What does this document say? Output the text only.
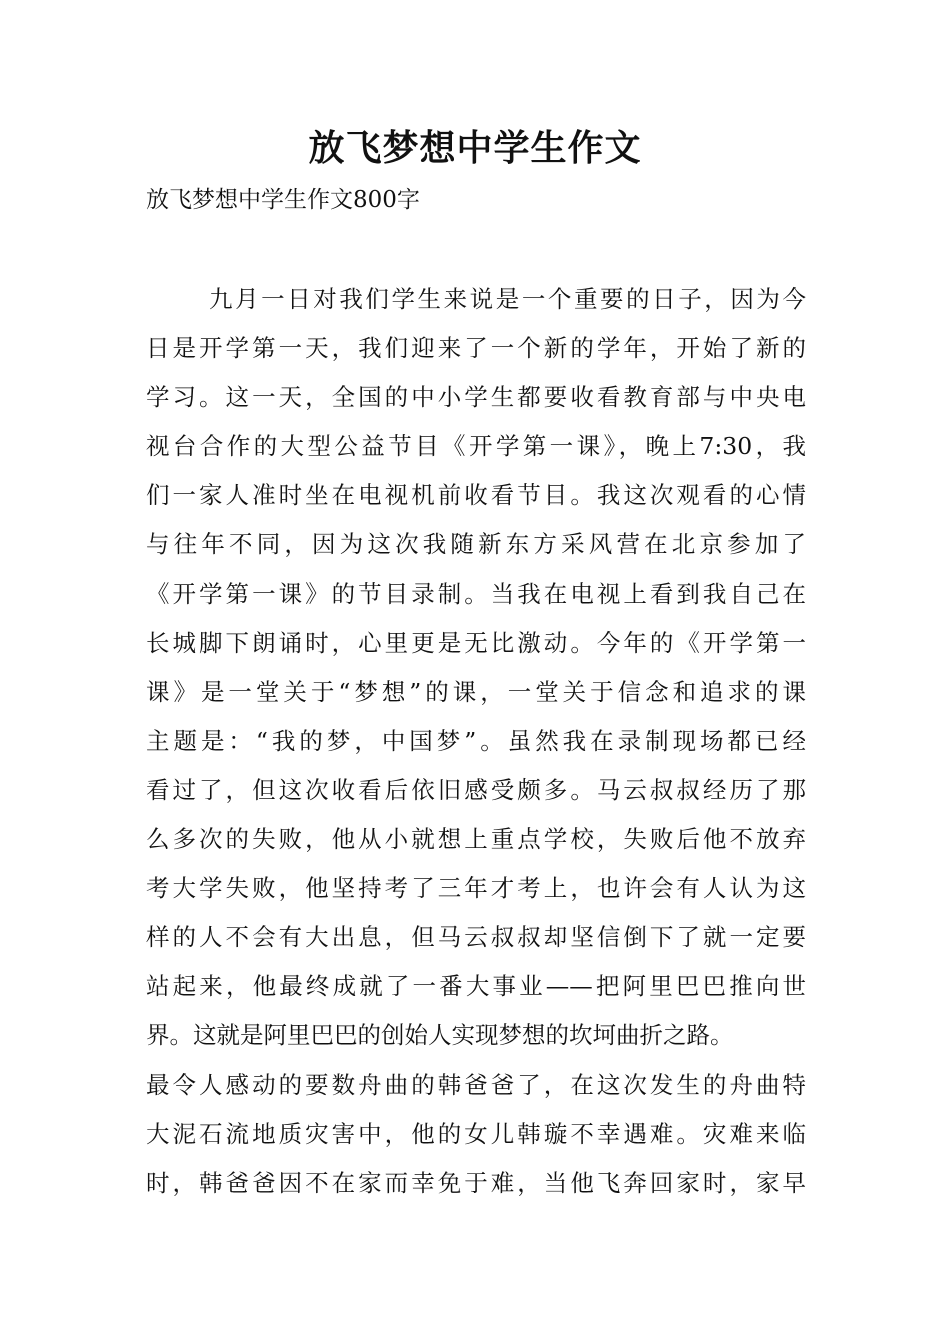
放飞梦想中学生作文
放飞梦想中学生作文800字
九月一日对我们学生来说是一个重要的日子，因为今
日是开学第一天，我们迎来了一个新的学年，开始了新的
学习。这一天，全国的中小学生都要收看教育部与中央电
视台合作的大型公益节目《开学第一课》，晚上7:30，我
们一家人准时坐在电视机前收看节目。我这次观看的心情
与往年不同，因为这次我随新东方采风营在北京参加了
《开学第一课》的节目录制。当我在电视上看到我自己在
长城脚下朗诵时，心里更是无比激动。今年的《开学第一
课》是一堂关于“梦想”的课，一堂关于信念和追求的课
主题是：“我的梦，中国梦”。虽然我在录制现场都已经
看过了，但这次收看后依旧感受颇多。马云叔叔经历了那
么多次的失败，他从小就想上重点学校，失败后他不放弃
考大学失败，他坚持考了三年才考上，也许会有人认为这
样的人不会有大出息，但马云叔叔却坚信倒下了就一定要
站起来，他最终成就了一番大事业——把阿里巴巴推向世
界。这就是阿里巴巴的创始人实现梦想的坎坷曲折之路。
最令人感动的要数舟曲的韩爸爸了，在这次发生的舟曲特
大泥石流地质灾害中，他的女儿韩璇不幸遇难。灾难来临
时，韩爸爸因不在家而幸免于难，当他飞奔回家时，家早
